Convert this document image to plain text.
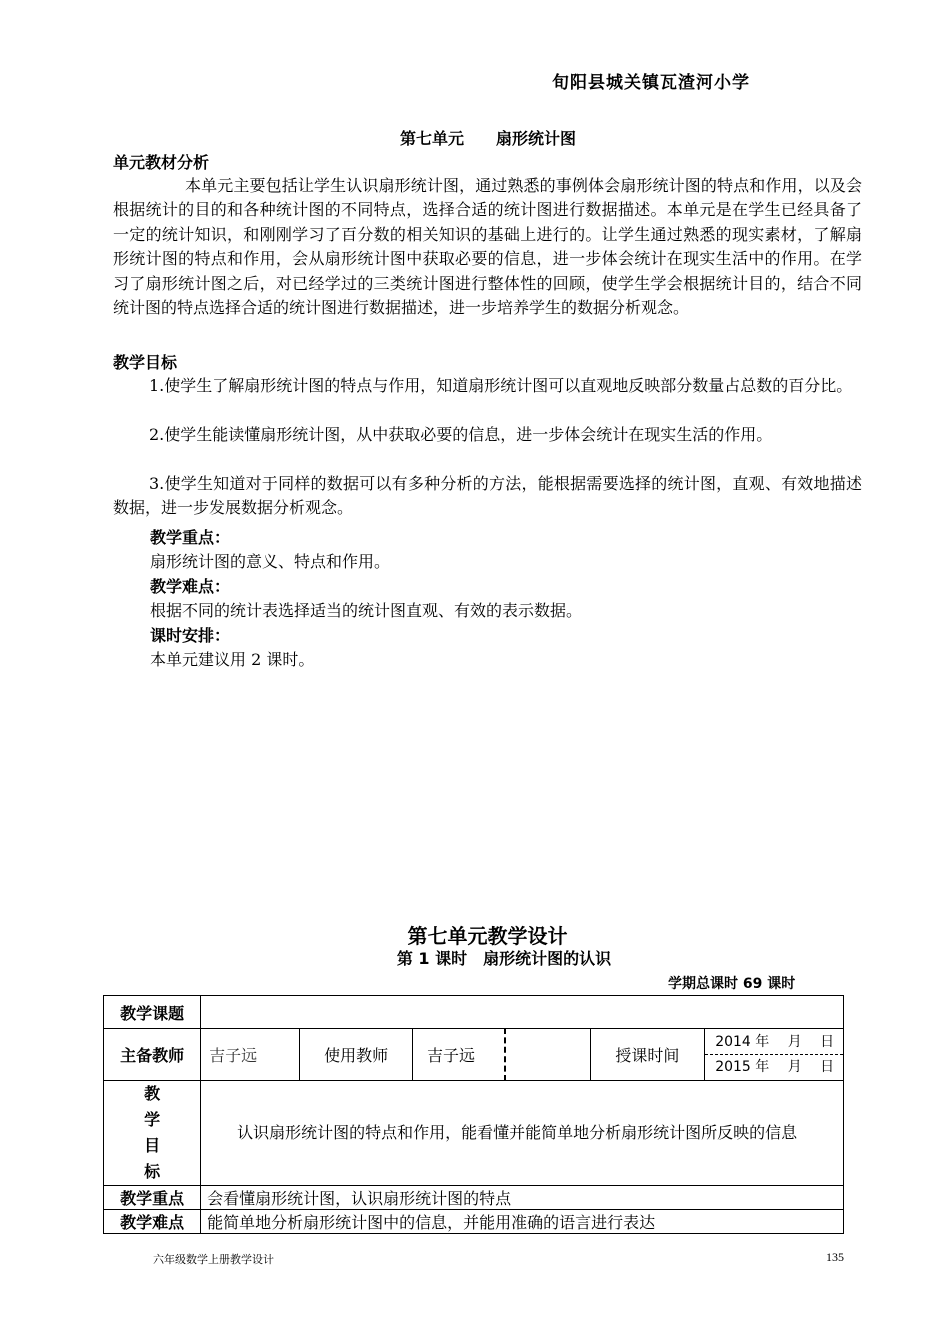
旬阳县城关镇瓦渣河小学
第七单元　　扇形统计图
单元教材分析
本单元主要包括让学生认识扇形统计图，通过熟悉的事例体会扇形统计图的特点和作用，以及会根据统计的目的和各种统计图的不同特点，选择合适的统计图进行数据描述。本单元是在学生已经具备了一定的统计知识，和刚刚学习了百分数的相关知识的基础上进行的。让学生通过熟悉的现实素材，了解扇形统计图的特点和作用，会从扇形统计图中获取必要的信息，进一步体会统计在现实生活中的作用。在学习了扇形统计图之后，对已经学过的三类统计图进行整体性的回顾，使学生学会根据统计目的，结合不同统计图的特点选择合适的统计图进行数据描述，进一步培养学生的数据分析观念。
教学目标
1.使学生了解扇形统计图的特点与作用，知道扇形统计图可以直观地反映部分数量占总数的百分比。
2.使学生能读懂扇形统计图，从中获取必要的信息，进一步体会统计在现实生活的作用。
3.使学生知道对于同样的数据可以有多种分析的方法，能根据需要选择的统计图，直观、有效地描述数据，进一步发展数据分析观念。
教学重点：
扇形统计图的意义、特点和作用。
教学难点：
根据不同的统计表选择适当的统计图直观、有效的表示数据。
课时安排：
本单元建议用 2 课时。
第七单元教学设计
第 1 课时　扇形统计图的认识
学期总课时 69 课时
教学课题						
主备教师	吉子远	使用教师	吉子远		授课时间	2014 年　 月　 日
2015 年　 月　 日

教
学
目
标	认识扇形统计图的特点和作用，能看懂并能简单地分析扇形统计图所反映的信息					
教学重点	会看懂扇形统计图，认识扇形统计图的特点					
教学难点	能简单地分析扇形统计图中的信息，并能用准确的语言进行表达					
六年级数学上册教学设计	135
